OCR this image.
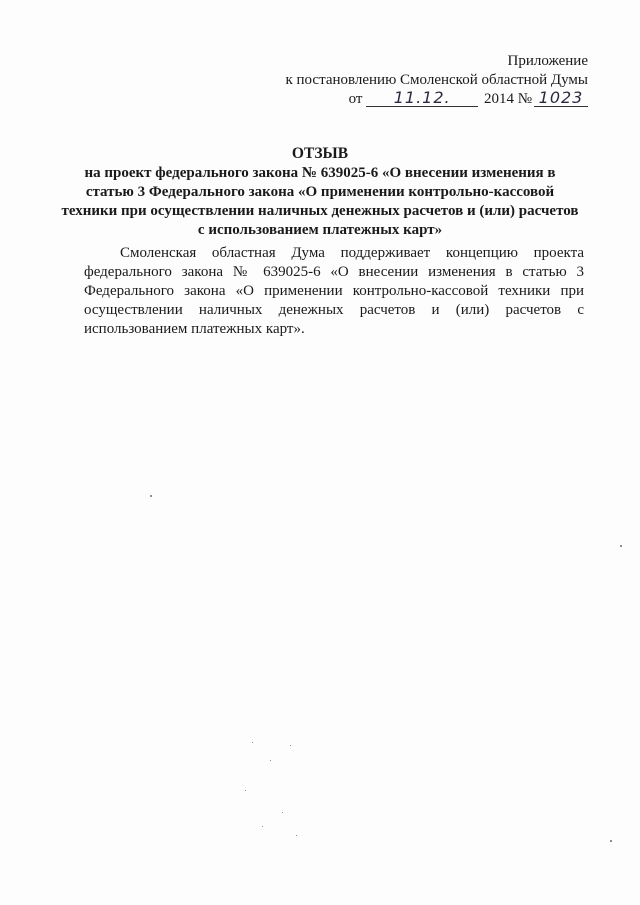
Приложение
к постановлению Смоленской областной Думы
от 11.12. 2014 № 1023
ОТЗЫВ
на проект федерального закона № 639025-6 «О внесении изменения в статью 3 Федерального закона «О применении контрольно-кассовой техники при осуществлении наличных денежных расчетов и (или) расчетов с использованием платежных карт»
Смоленская областная Дума поддерживает концепцию проекта федерального закона № 639025-6 «О внесении изменения в статью 3 Федерального закона «О применении контрольно-кассовой техники при осуществлении наличных денежных расчетов и (или) расчетов с использованием платежных карт».
